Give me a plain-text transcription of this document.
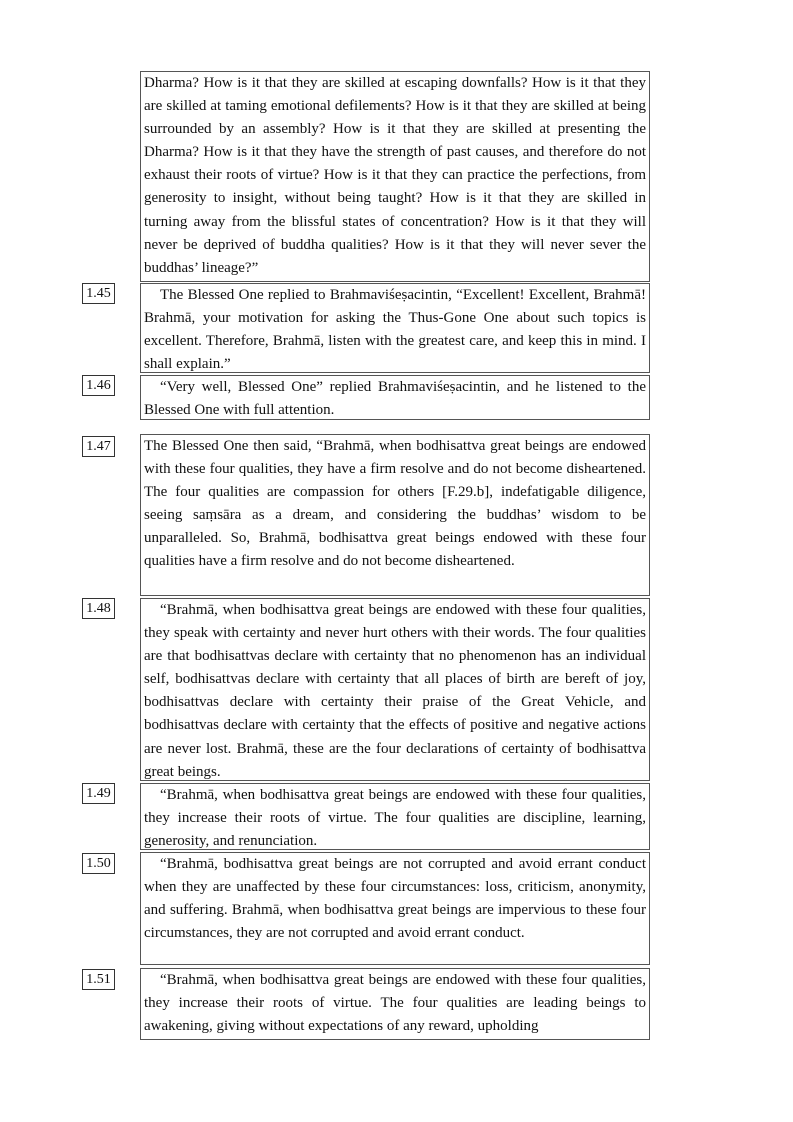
Dharma? How is it that they are skilled at escaping downfalls? How is it that they are skilled at taming emotional defilements? How is it that they are skilled at being surrounded by an assembly? How is it that they are skilled at presenting the Dharma? How is it that they have the strength of past causes, and therefore do not exhaust their roots of virtue? How is it that they can practice the perfections, from generosity to insight, without being taught? How is it that they are skilled in turning away from the blissful states of concentration? How is it that they will never be deprived of buddha qualities? How is it that they will never sever the buddhas’ lineage?”

1.45	The Blessed One replied to Brahmaviśeṣacintin, “Excellent! Excellent, Brahmā! Brahmā, your motivation for asking the Thus-Gone One about such topics is excellent. Therefore, Brahmā, listen with the greatest care, and keep this in mind. I shall explain.”

1.46	“Very well, Blessed One” replied Brahmaviśeṣacintin, and he listened to the Blessed One with full attention.

1.47 The Blessed One then said, “Brahmā, when bodhisattva great beings are endowed with these four qualities, they have a firm resolve and do not become disheartened. The four qualities are compassion for others [F.29.b], indefatigable diligence, seeing saṃsāra as a dream, and considering the buddhas’ wisdom to be unparalleled. So, Brahmā, bodhisattva great beings endowed with these four qualities have a firm resolve and do not become disheartened.

1.48	“Brahmā, when bodhisattva great beings are endowed with these four qualities, they speak with certainty and never hurt others with their words. The four qualities are that bodhisattvas declare with certainty that no phenomenon has an individual self, bodhisattvas declare with certainty that all places of birth are bereft of joy, bodhisattvas declare with certainty their praise of the Great Vehicle, and bodhisattvas declare with certainty that the effects of positive and negative actions are never lost. Brahmā, these are the four declarations of certainty of bodhisattva great beings.

1.49	“Brahmā, when bodhisattva great beings are endowed with these four qualities, they increase their roots of virtue. The four qualities are discipline, learning, generosity, and renunciation.

1.50	“Brahmā, bodhisattva great beings are not corrupted and avoid errant conduct when they are unaffected by these four circumstances: loss, criticism, anonymity, and suffering. Brahmā, when bodhisattva great beings are impervious to these four circumstances, they are not corrupted and avoid errant conduct.

1.51	“Brahmā, when bodhisattva great beings are endowed with these four qualities, they increase their roots of virtue. The four qualities are leading beings to awakening, giving without expectations of any reward, upholding
